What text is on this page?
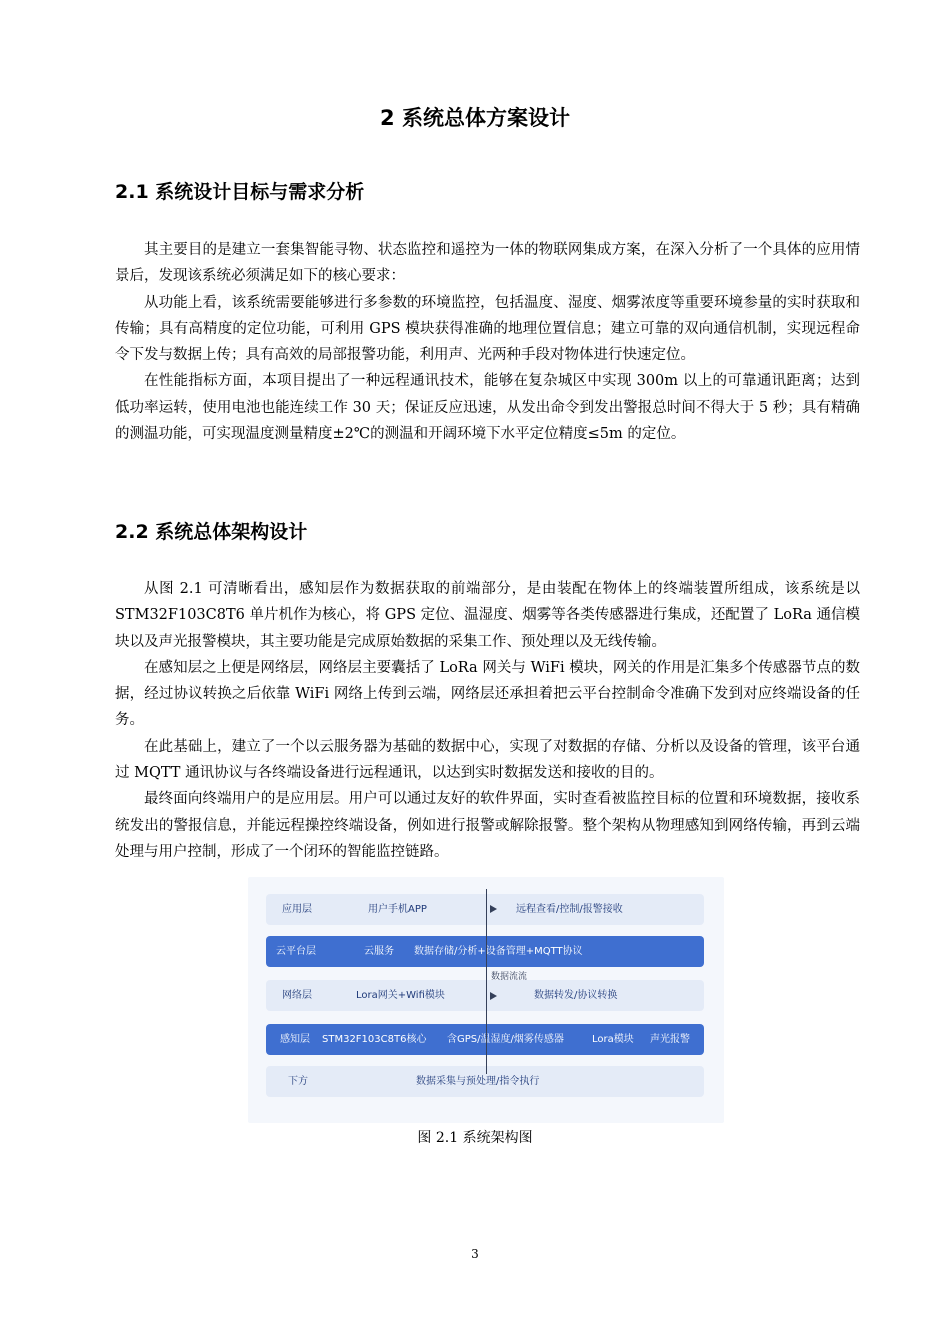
2 系统总体方案设计
2.1 系统设计目标与需求分析

其主要目的是建立一套集智能寻物、状态监控和遥控为一体的物联网集成方案，在深入分析了一个具体的应用情景后，发现该系统必须满足如下的核心要求：

从功能上看，该系统需要能够进行多参数的环境监控，包括温度、湿度、烟雾浓度等重要环境参量的实时获取和传输；具有高精度的定位功能，可利用 GPS 模块获得准确的地理位置信息；建立可靠的双向通信机制，实现远程命令下发与数据上传；具有高效的局部报警功能，利用声、光两种手段对物体进行快速定位。

在性能指标方面，本项目提出了一种远程通讯技术，能够在复杂城区中实现 300m 以上的可靠通讯距离；达到低功率运转，使用电池也能连续工作 30 天；保证反应迅速，从发出命令到发出警报总时间不得大于 5 秒；具有精确的测温功能，可实现温度测量精度±2℃的测温和开阔环境下水平定位精度≤5m 的定位。

2.2 系统总体架构设计

从图 2.1 可清晰看出，感知层作为数据获取的前端部分，是由装配在物体上的终端装置所组成，该系统是以 STM32F103C8T6 单片机作为核心，将 GPS 定位、温湿度、烟雾等各类传感器进行集成，还配置了 LoRa 通信模块以及声光报警模块，其主要功能是完成原始数据的采集工作、预处理以及无线传输。

在感知层之上便是网络层，网络层主要囊括了 LoRa 网关与 WiFi 模块，网关的作用是汇集多个传感器节点的数据，经过协议转换之后依靠 WiFi 网络上传到云端，网络层还承担着把云平台控制命令准确下发到对应终端设备的任务。

在此基础上，建立了一个以云服务器为基础的数据中心，实现了对数据的存储、分析以及设备的管理，该平台通过 MQTT 通讯协议与各终端设备进行远程通讯，以达到实时数据发送和接收的目的。

最终面向终端用户的是应用层。用户可以通过友好的软件界面，实时查看被监控目标的位置和环境数据，接收系统发出的警报信息，并能远程操控终端设备，例如进行报警或解除报警。整个架构从物理感知到网络传输，再到云端处理与用户控制，形成了一个闭环的智能监控链路。

应用层	用户手机APP	远程查看/控制/报警接收
云平台层	云服务 数据存储/分析+设备管理+MQTT协议
网络层	Lora网关+Wifi模块	数据转发/协议转换
感知层 STM32F103C8T6核心 含GPS/温湿度/烟雾传感器	Lora模块 声光报警
下方	数据采集与预处理/指令执行
数据流流
图 2.1 系统架构图
3
